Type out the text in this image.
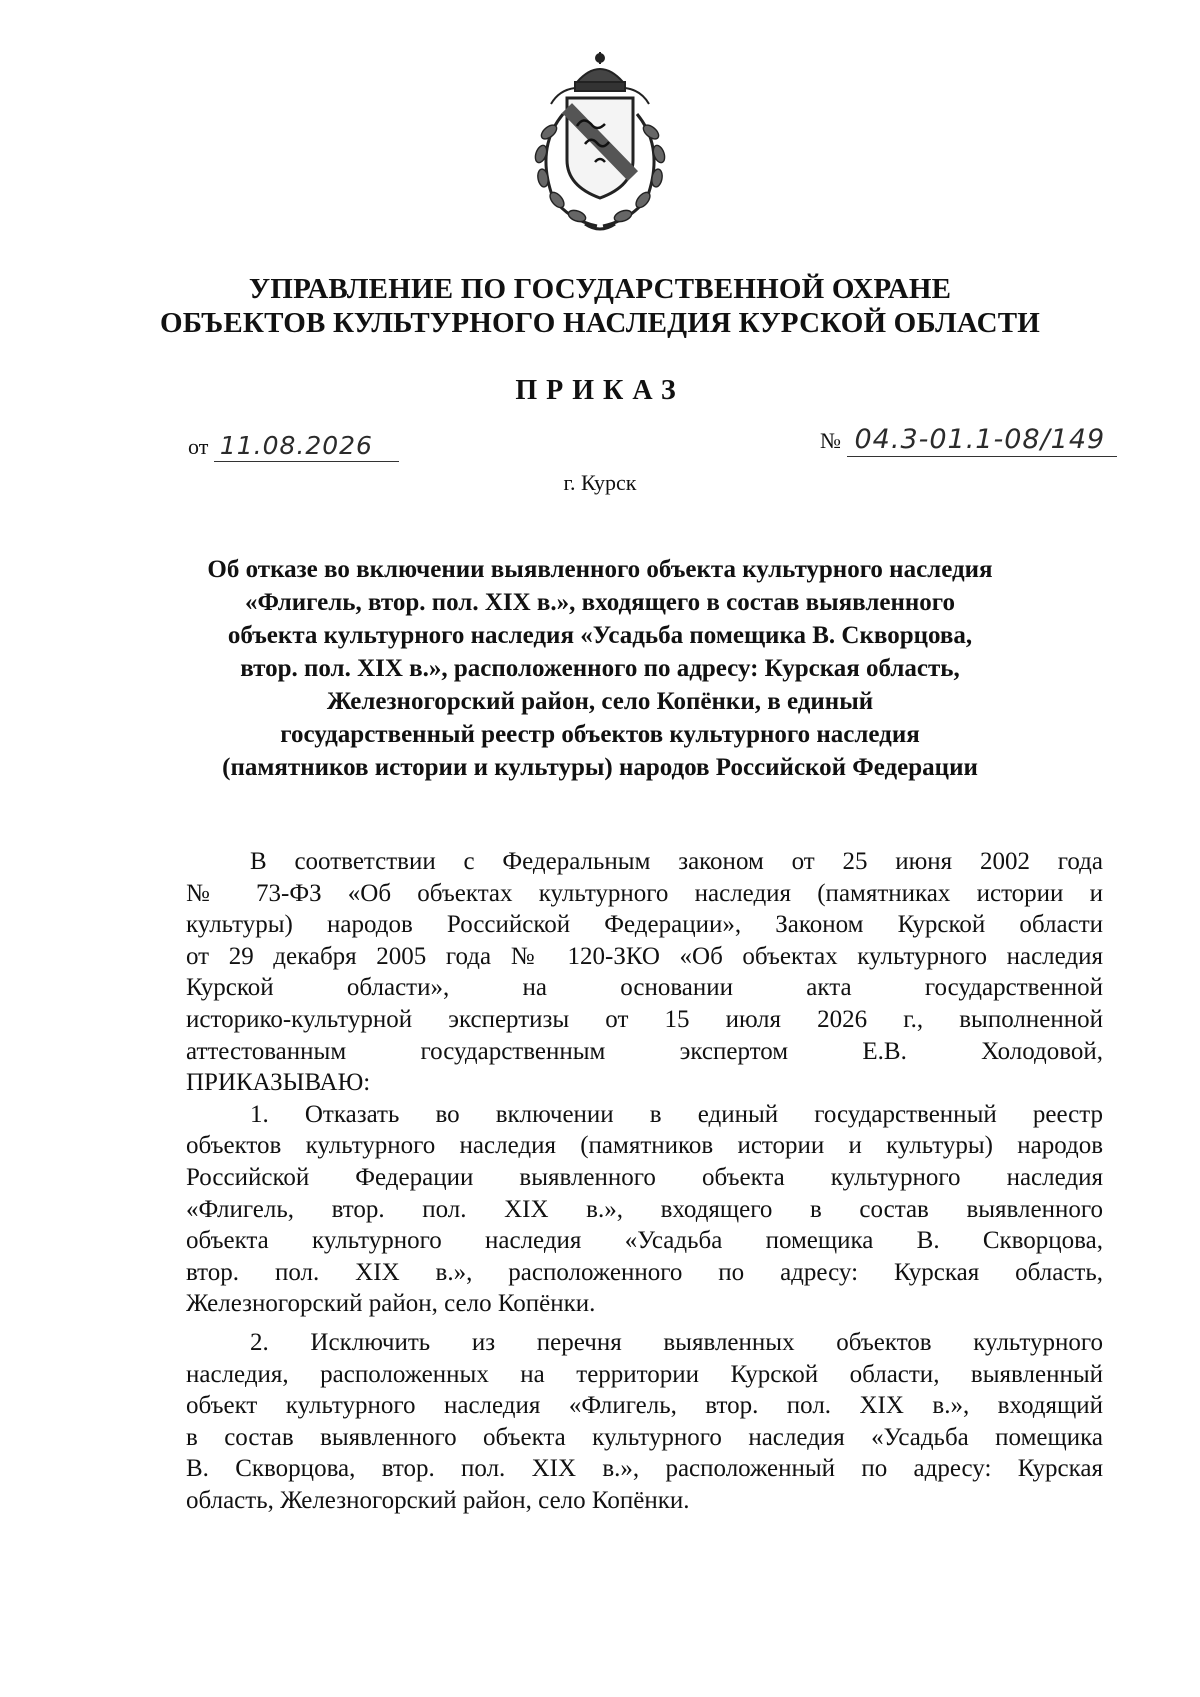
УПРАВЛЕНИЕ ПО ГОСУДАРСТВЕННОЙ ОХРАНЕ
ОБЪЕКТОВ КУЛЬТУРНОГО НАСЛЕДИЯ КУРСКОЙ ОБЛАСТИ
ПРИКАЗ
от 11.08.2026	№ 04.3-01.1-08/149
г. Курск
Об отказе во включении выявленного объекта культурного наследия
«Флигель, втор. пол. XIX в.», входящего в состав выявленного
объекта культурного наследия «Усадьба помещика В. Скворцова,
втор. пол. XIX в.», расположенного по адресу: Курская область,
Железногорский район, село Копёнки, в единый
государственный реестр объектов культурного наследия
(памятников истории и культуры) народов Российской Федерации
В соответствии с Федеральным законом от 25 июня 2002 года
№ 73-ФЗ «Об объектах культурного наследия (памятниках истории и
культуры) народов Российской Федерации», Законом Курской области
от 29 декабря 2005 года № 120-ЗКО «Об объектах культурного наследия
Курской области», на основании акта государственной
историко-культурной экспертизы от 15 июля 2026 г., выполненной
аттестованным государственным экспертом Е.В. Холодовой,
ПРИКАЗЫВАЮ:
1. Отказать во включении в единый государственный реестр
объектов культурного наследия (памятников истории и культуры) народов
Российской Федерации выявленного объекта культурного наследия
«Флигель, втор. пол. XIX в.», входящего в состав выявленного
объекта культурного наследия «Усадьба помещика В. Скворцова,
втор. пол. XIX в.», расположенного по адресу: Курская область,
Железногорский район, село Копёнки.
2. Исключить из перечня выявленных объектов культурного
наследия, расположенных на территории Курской области, выявленный
объект культурного наследия «Флигель, втор. пол. XIX в.», входящий
в состав выявленного объекта культурного наследия «Усадьба помещика
В. Скворцова, втор. пол. XIX в.», расположенный по адресу: Курская
область, Железногорский район, село Копёнки.
